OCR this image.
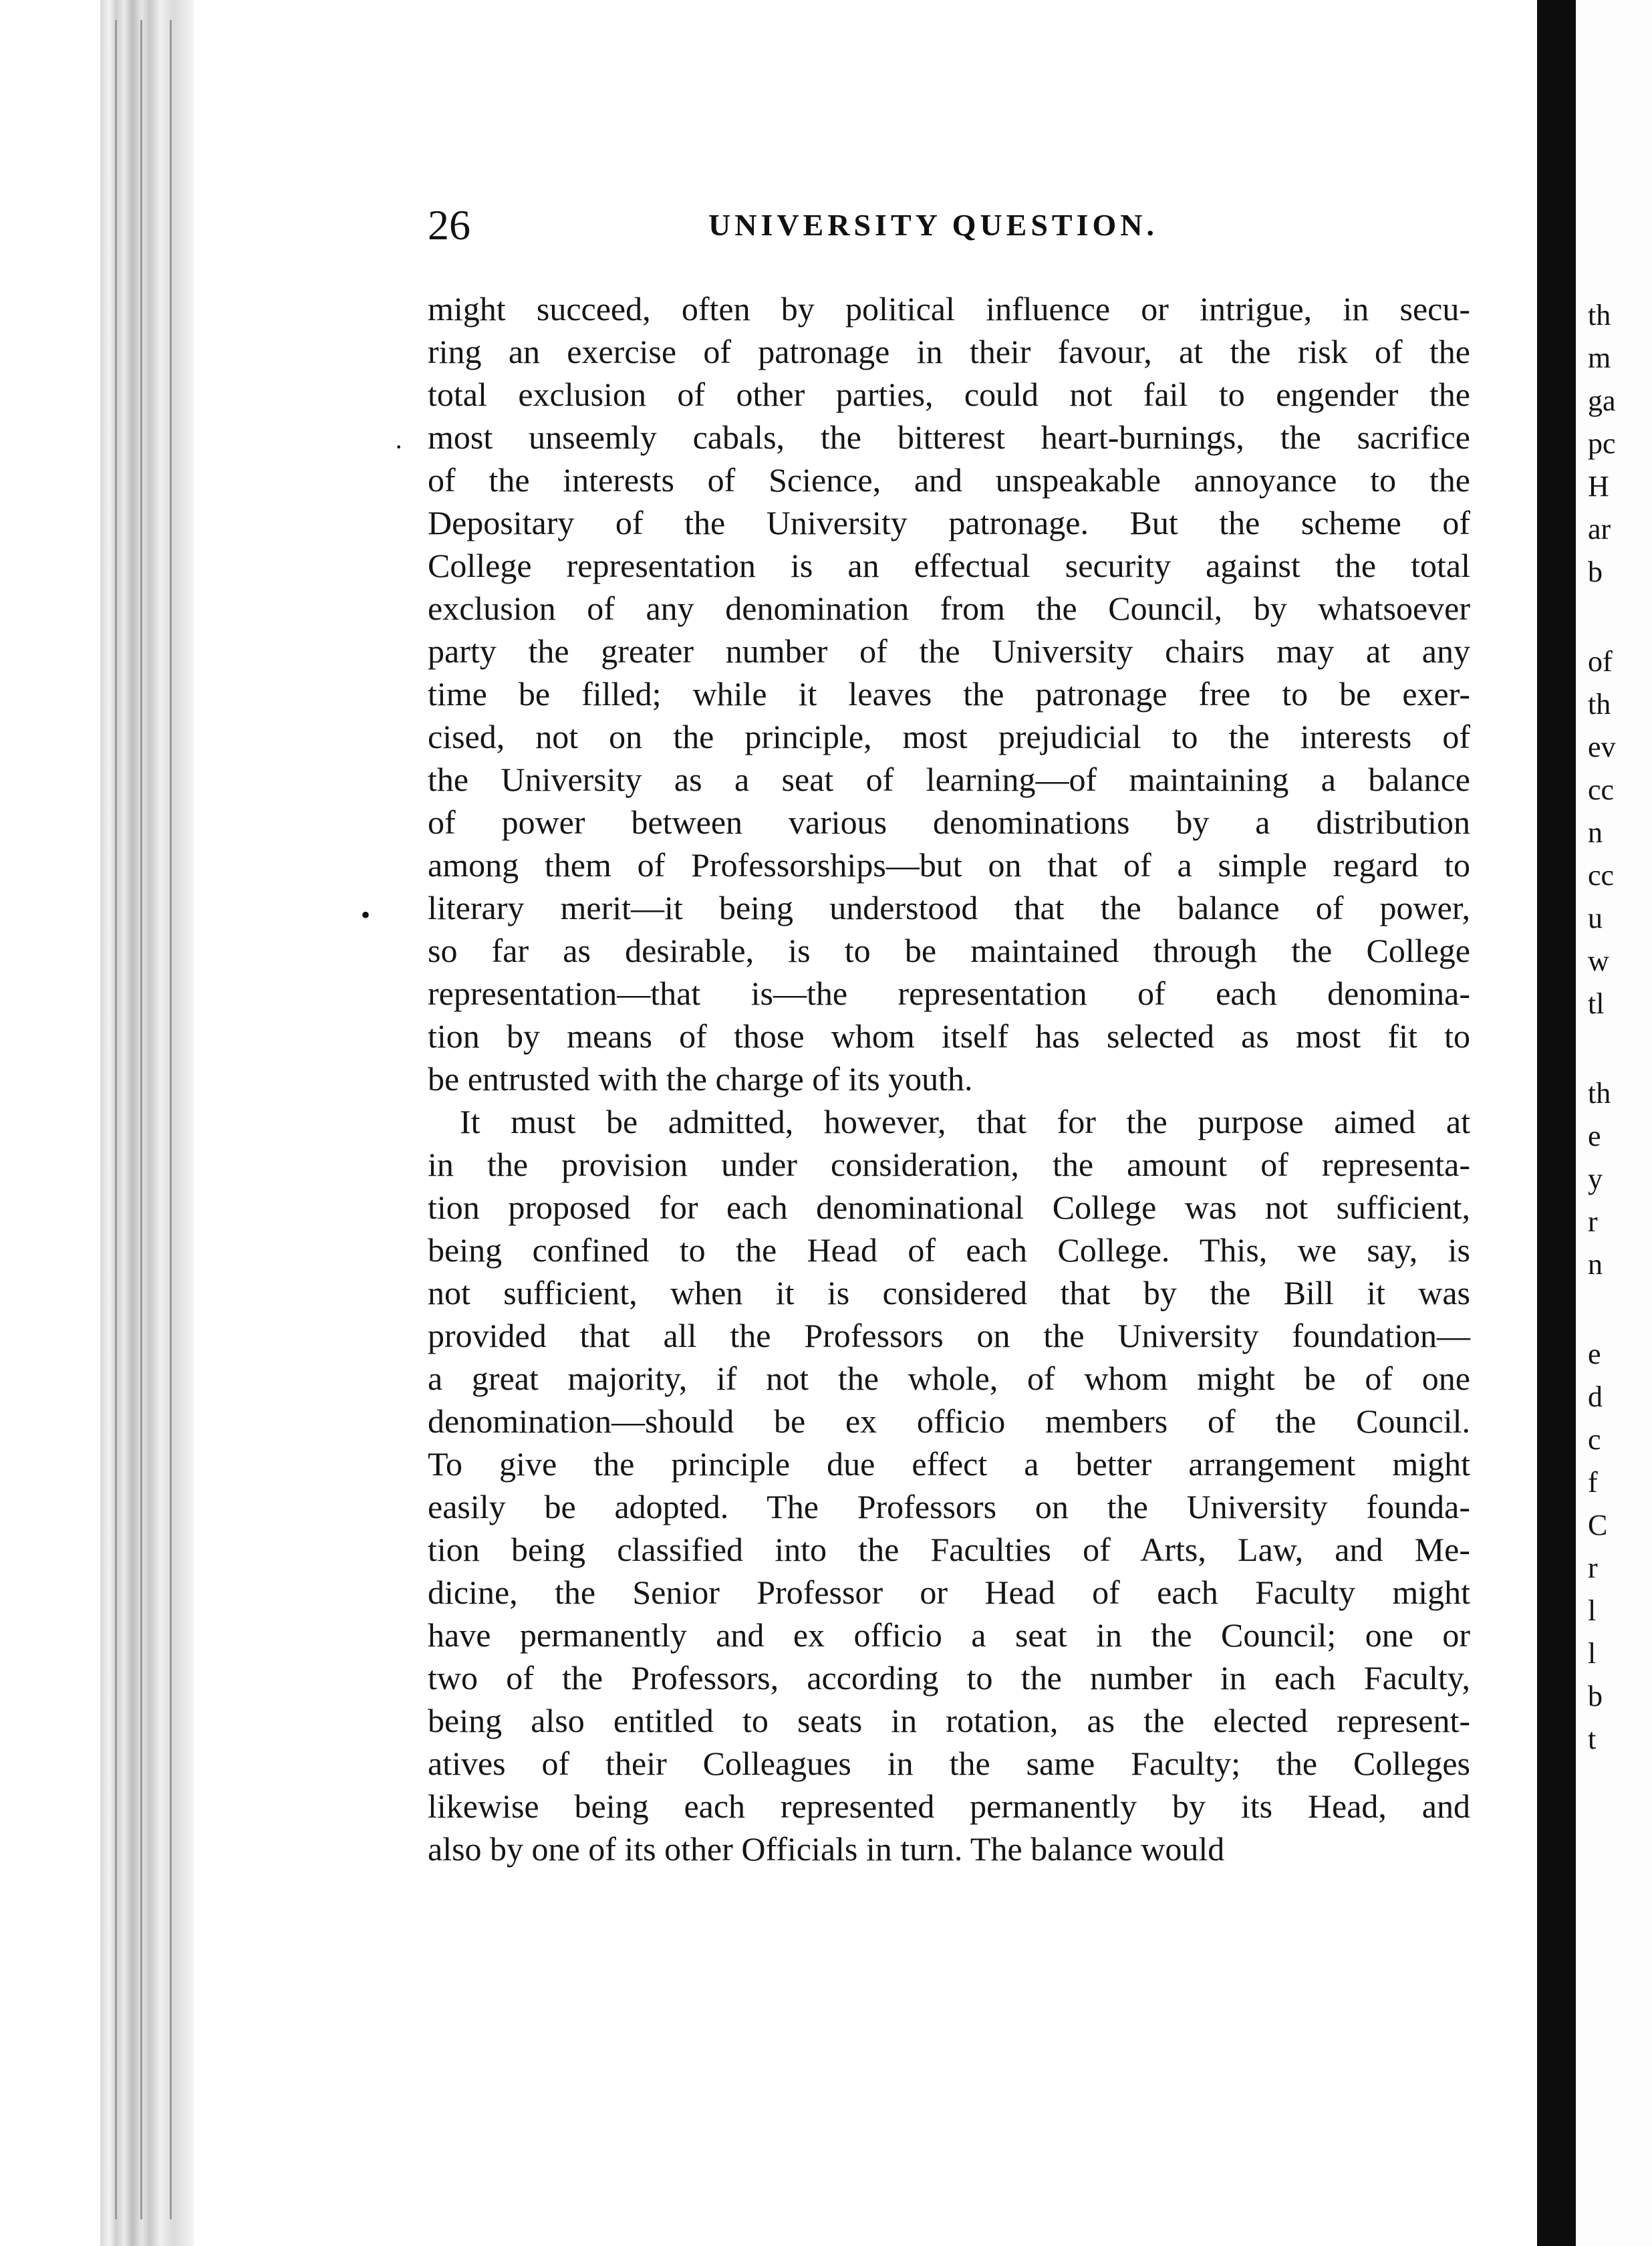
26	UNIVERSITY QUESTION.
might succeed, often by political influence or intrigue, in secu-
ring an exercise of patronage in their favour, at the risk of the
total exclusion of other parties, could not fail to engender the
most unseemly cabals, the bitterest heart-burnings, the sacrifice
of the interests of Science, and unspeakable annoyance to the
Depositary of the University patronage. But the scheme of
College representation is an effectual security against the total
exclusion of any denomination from the Council, by whatsoever
party the greater number of the University chairs may at any
time be filled; while it leaves the patronage free to be exer-
cised, not on the principle, most prejudicial to the interests of
the University as a seat of learning—of maintaining a balance
of power between various denominations by a distribution
among them of Professorships—but on that of a simple regard to
literary merit—it being understood that the balance of power,
so far as desirable, is to be maintained through the College
representation—that is—the representation of each denomina-
tion by means of those whom itself has selected as most fit to
be entrusted with the charge of its youth.
It must be admitted, however, that for the purpose aimed at
in the provision under consideration, the amount of representa-
tion proposed for each denominational College was not sufficient,
being confined to the Head of each College. This, we say, is
not sufficient, when it is considered that by the Bill it was
provided that all the Professors on the University foundation—
a great majority, if not the whole, of whom might be of one
denomination—should be ex officio members of the Council.
To give the principle due effect a better arrangement might
easily be adopted. The Professors on the University founda-
tion being classified into the Faculties of Arts, Law, and Me-
dicine, the Senior Professor or Head of each Faculty might
have permanently and ex officio a seat in the Council; one or
two of the Professors, according to the number in each Faculty,
being also entitled to seats in rotation, as the elected represent-
atives of their Colleagues in the same Faculty; the Colleges
likewise being each represented permanently by its Head, and
also by one of its other Officials in turn. The balance would
·
•
th
m
ga
pc
H
ar
b
of
th
ev
cc
n
cc
u
w
tl
th
e
y
r
n
e
d
c
f
C
r
l
l
b
t
